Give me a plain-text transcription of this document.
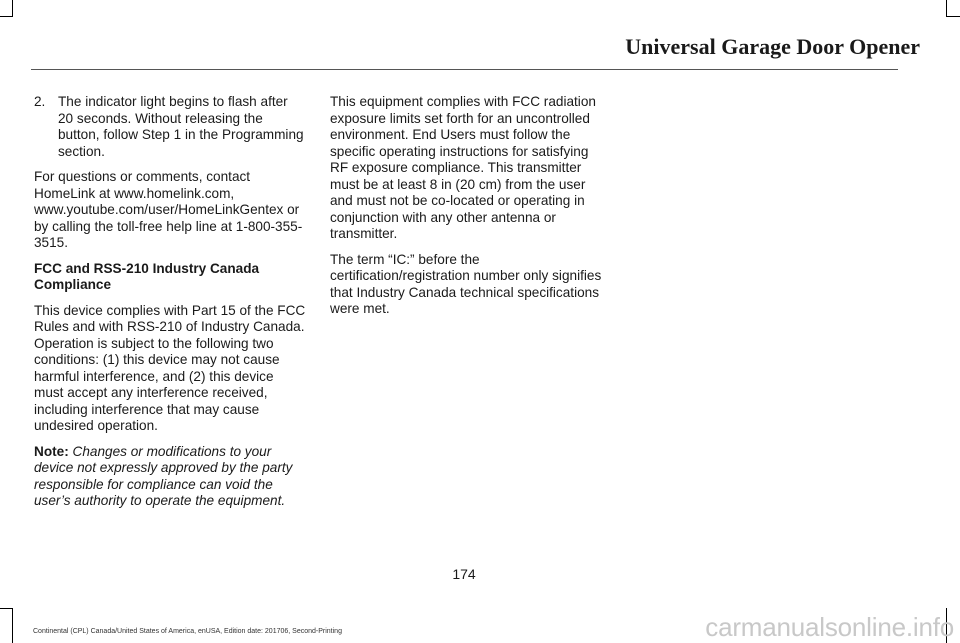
Universal Garage Door Opener
2. The indicator light begins to flash after 20 seconds. Without releasing the button, follow Step 1 in the Programming section.

For questions or comments, contact HomeLink at www.homelink.com, www.youtube.com/user/HomeLinkGentex or by calling the toll-free help line at 1-800-355-3515.

FCC and RSS-210 Industry Canada Compliance

This device complies with Part 15 of the FCC Rules and with RSS-210 of Industry Canada. Operation is subject to the following two conditions: (1) this device may not cause harmful interference, and (2) this device must accept any interference received, including interference that may cause undesired operation.

Note: Changes or modifications to your device not expressly approved by the party responsible for compliance can void the user’s authority to operate the equipment.

This equipment complies with FCC radiation exposure limits set forth for an uncontrolled environment. End Users must follow the specific operating instructions for satisfying RF exposure compliance. This transmitter must be at least 8 in (20 cm) from the user and must not be co-located or operating in conjunction with any other antenna or transmitter.

The term “IC:” before the certification/registration number only signifies that Industry Canada technical specifications were met.

174

Continental (CPL) Canada/United States of America, enUSA, Edition date: 201706, Second-Printing	carmanualsonline.info
